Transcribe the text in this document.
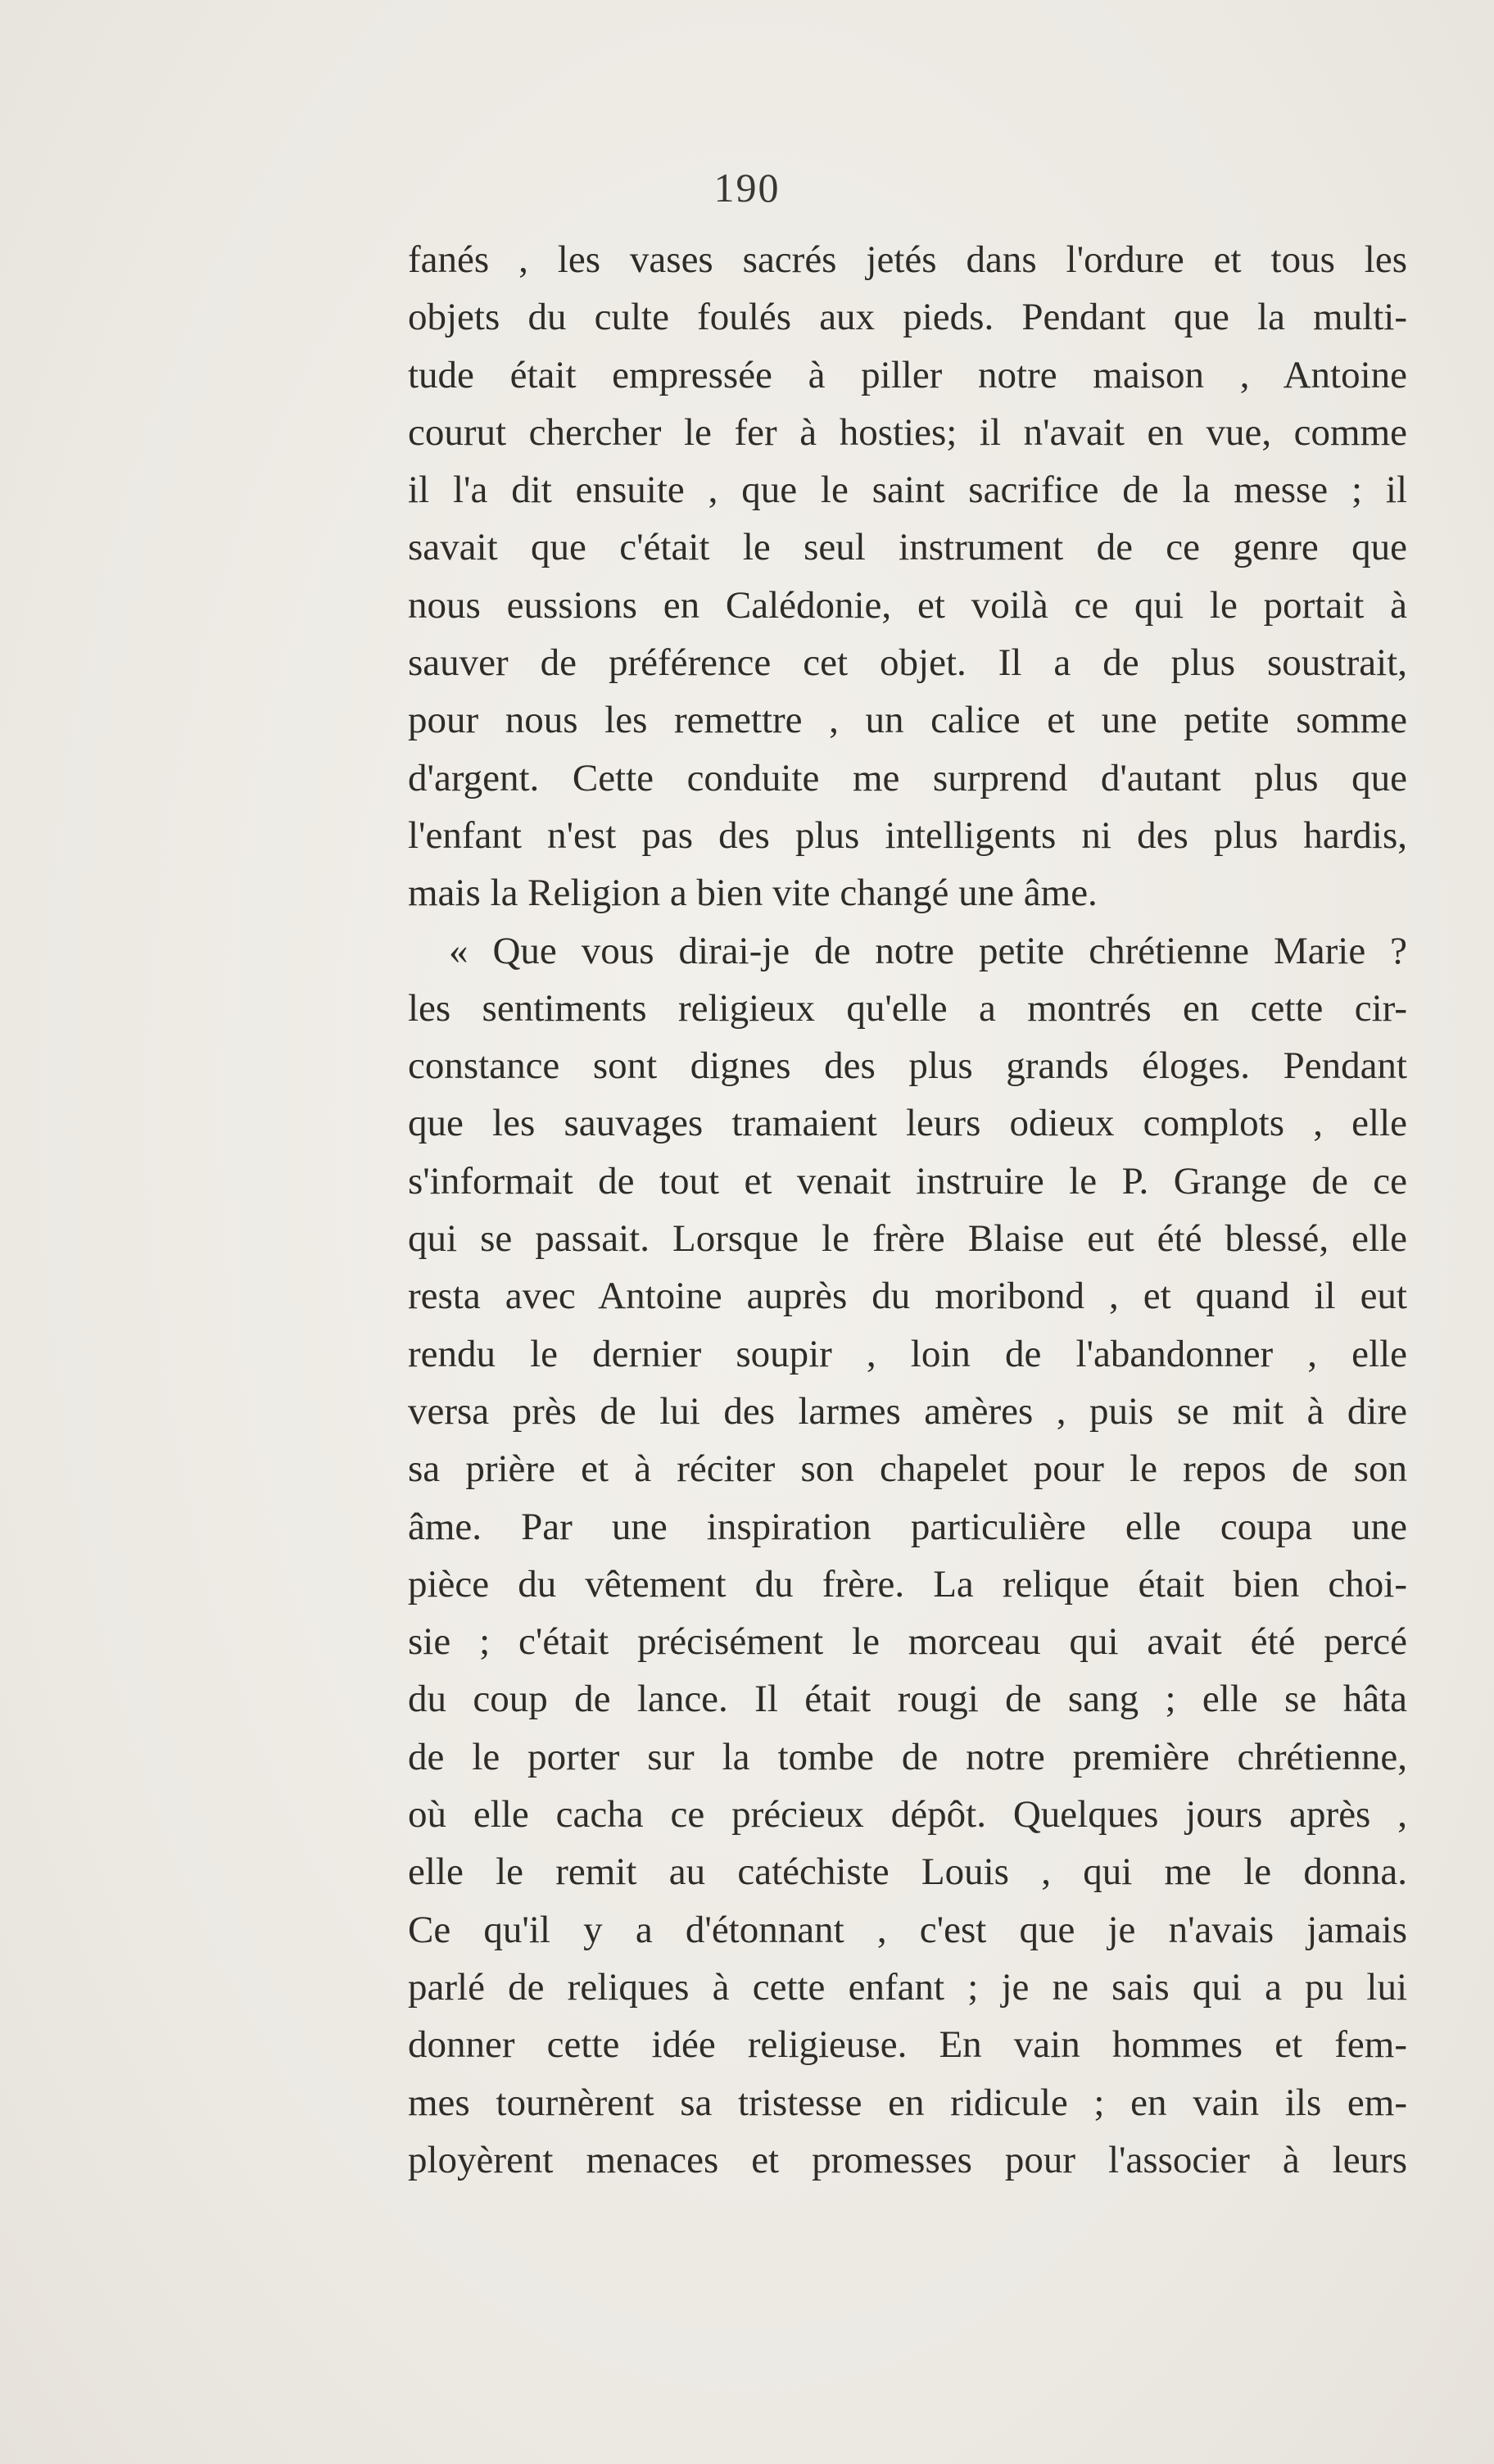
190
fanés , les vases sacrés jetés dans l'ordure et tous les
objets du culte foulés aux pieds. Pendant que la multi-
tude était empressée à piller notre maison , Antoine
courut chercher le fer à hosties; il n'avait en vue, comme
il l'a dit ensuite , que le saint sacrifice de la messe ; il
savait que c'était le seul instrument de ce genre que
nous eussions en Calédonie, et voilà ce qui le portait à
sauver de préférence cet objet. Il a de plus soustrait,
pour nous les remettre , un calice et une petite somme
d'argent. Cette conduite me surprend d'autant plus que
l'enfant n'est pas des plus intelligents ni des plus hardis,
mais la Religion a bien vite changé une âme.
« Que vous dirai-je de notre petite chrétienne Marie ?
les sentiments religieux qu'elle a montrés en cette cir-
constance sont dignes des plus grands éloges. Pendant
que les sauvages tramaient leurs odieux complots , elle
s'informait de tout et venait instruire le P. Grange de ce
qui se passait. Lorsque le frère Blaise eut été blessé, elle
resta avec Antoine auprès du moribond , et quand il eut
rendu le dernier soupir , loin de l'abandonner , elle
versa près de lui des larmes amères , puis se mit à dire
sa prière et à réciter son chapelet pour le repos de son
âme. Par une inspiration particulière elle coupa une
pièce du vêtement du frère. La relique était bien choi-
sie ; c'était précisément le morceau qui avait été percé
du coup de lance. Il était rougi de sang ; elle se hâta
de le porter sur la tombe de notre première chrétienne,
où elle cacha ce précieux dépôt. Quelques jours après ,
elle le remit au catéchiste Louis , qui me le donna.
Ce qu'il y a d'étonnant , c'est que je n'avais jamais
parlé de reliques à cette enfant ; je ne sais qui a pu lui
donner cette idée religieuse. En vain hommes et fem-
mes tournèrent sa tristesse en ridicule ; en vain ils em-
ployèrent menaces et promesses pour l'associer à leurs
